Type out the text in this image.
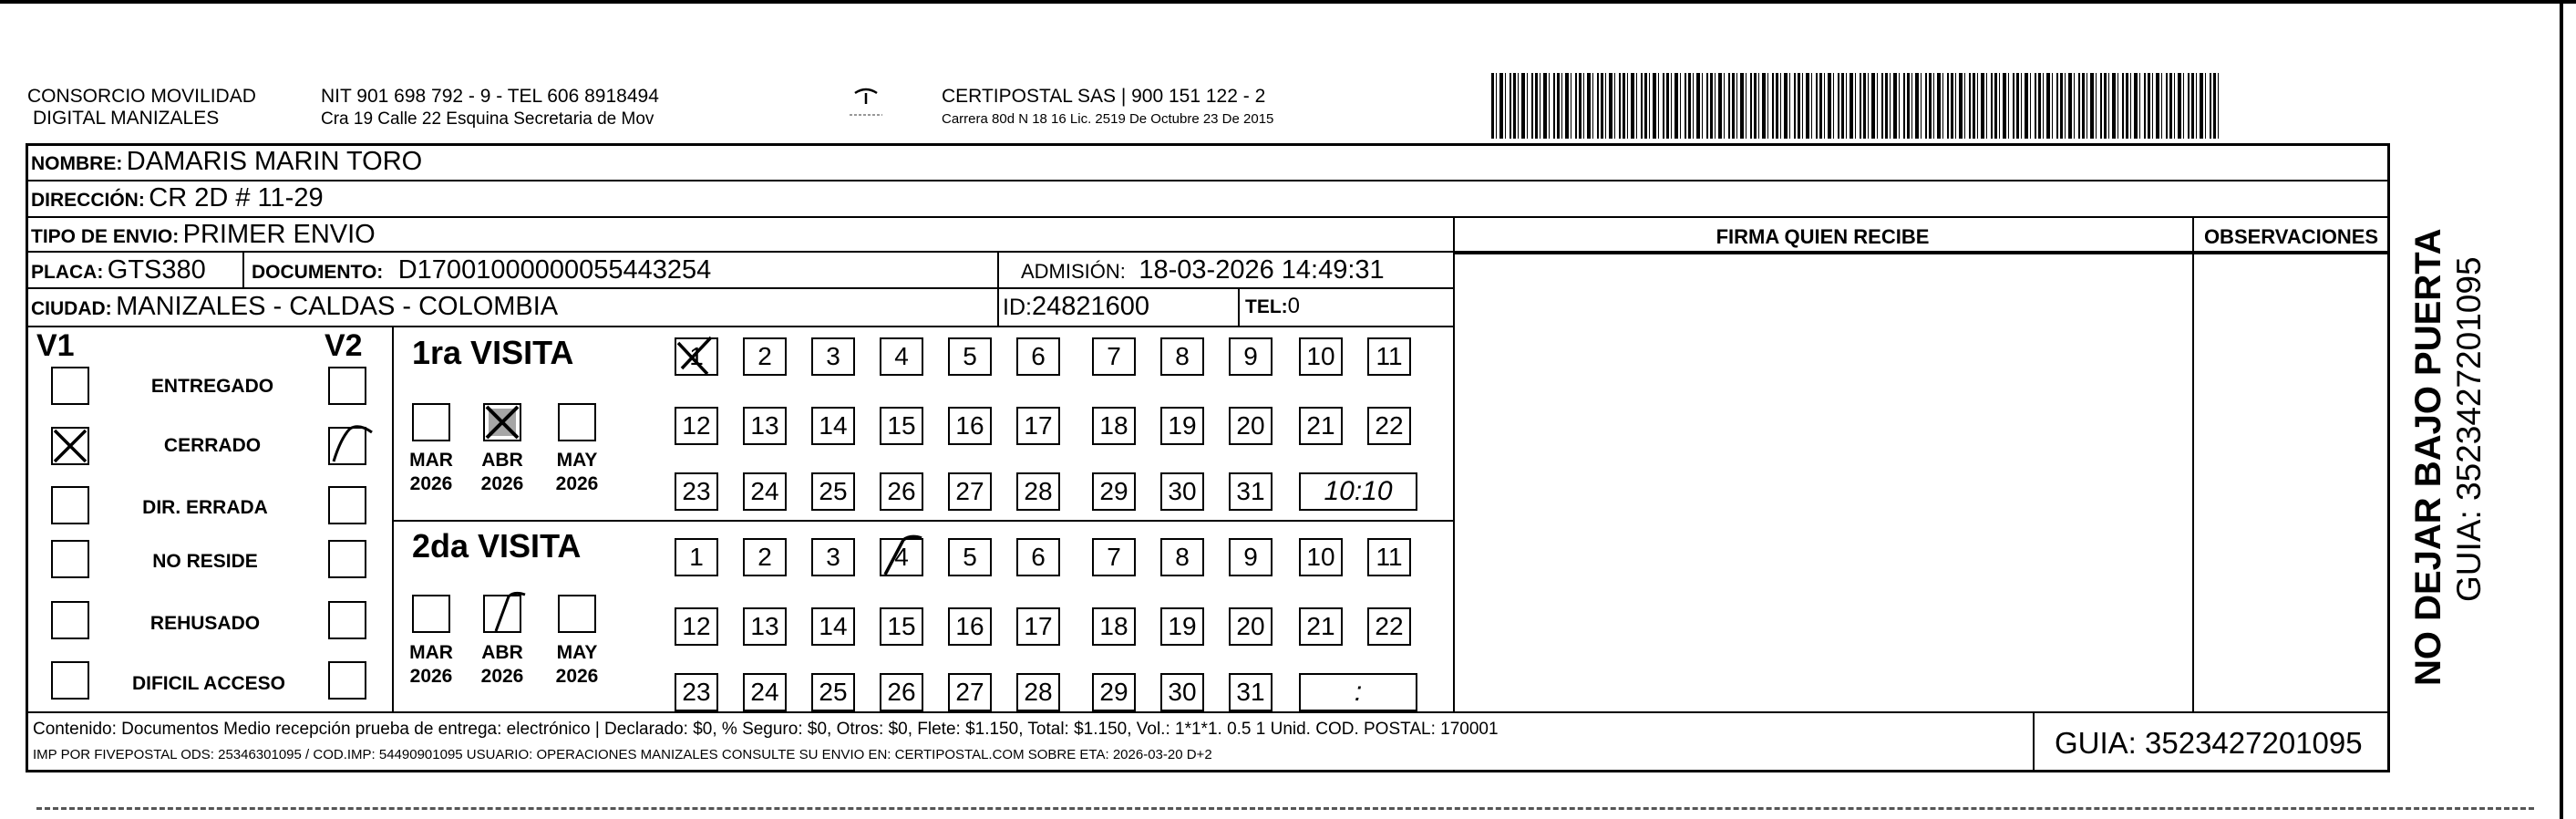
CONSORCIO MOVILIDAD
DIGITAL MANIZALES
NIT 901 698 792 - 9 - TEL 606 8918494
Cra 19 Calle 22 Esquina Secretaria de Mov
CERTIPOSTAL SAS | 900 151 122 - 2
Carrera 80d N 18 16 Lic. 2519 De Octubre 23 De 2015
NOMBRE: DAMARIS MARIN TORO
DIRECCIÓN: CR 2D # 11-29
TIPO DE ENVIO: PRIMER ENVIO	FIRMA QUIEN RECIBE	OBSERVACIONES
PLACA: GTS380 DOCUMENTO: D17001000000055443254	ADMISIÓN: 18-03-2026 14:49:31
CIUDAD: MANIZALES - CALDAS - COLOMBIA	ID:24821600	TEL:0
V1	V2
ENTREGADO
CERRADO
DIR. ERRADA
NO RESIDE
REHUSADO
DIFICIL ACCESO
1ra VISITA
MAR
2026
ABR
2026
MAY
2026
2da VISITA
MAR
2026
ABR
2026
MAY
2026
Contenido: Documentos Medio recepción prueba de entrega: electrónico | Declarado: $0, % Seguro: $0, Otros: $0, Flete: $1.150, Total: $1.150, Vol.: 1*1*1. 0.5 1 Unid. COD. POSTAL: 170001
IMP POR FIVEPOSTAL ODS: 25346301095 / COD.IMP: 54490901095 USUARIO: OPERACIONES MANIZALES CONSULTE SU ENVIO EN: CERTIPOSTAL.COM SOBRE ETA: 2026-03-20 D+2	GUIA: 3523427201095
NO DEJAR BAJO PUERTA GUIA: 3523427201095
1	2	3	4	5	6	7	8	9	10	11
12	13	14	15	16	17	18	19	20	21	22
23	24	25	26	27	28	29	30	31	10:10
1	2	3	4	5	6	7	8	9	10	11
12	13	14	15	16	17	18	19	20	21	22
23	24	25	26	27	28	29	30	31	:
